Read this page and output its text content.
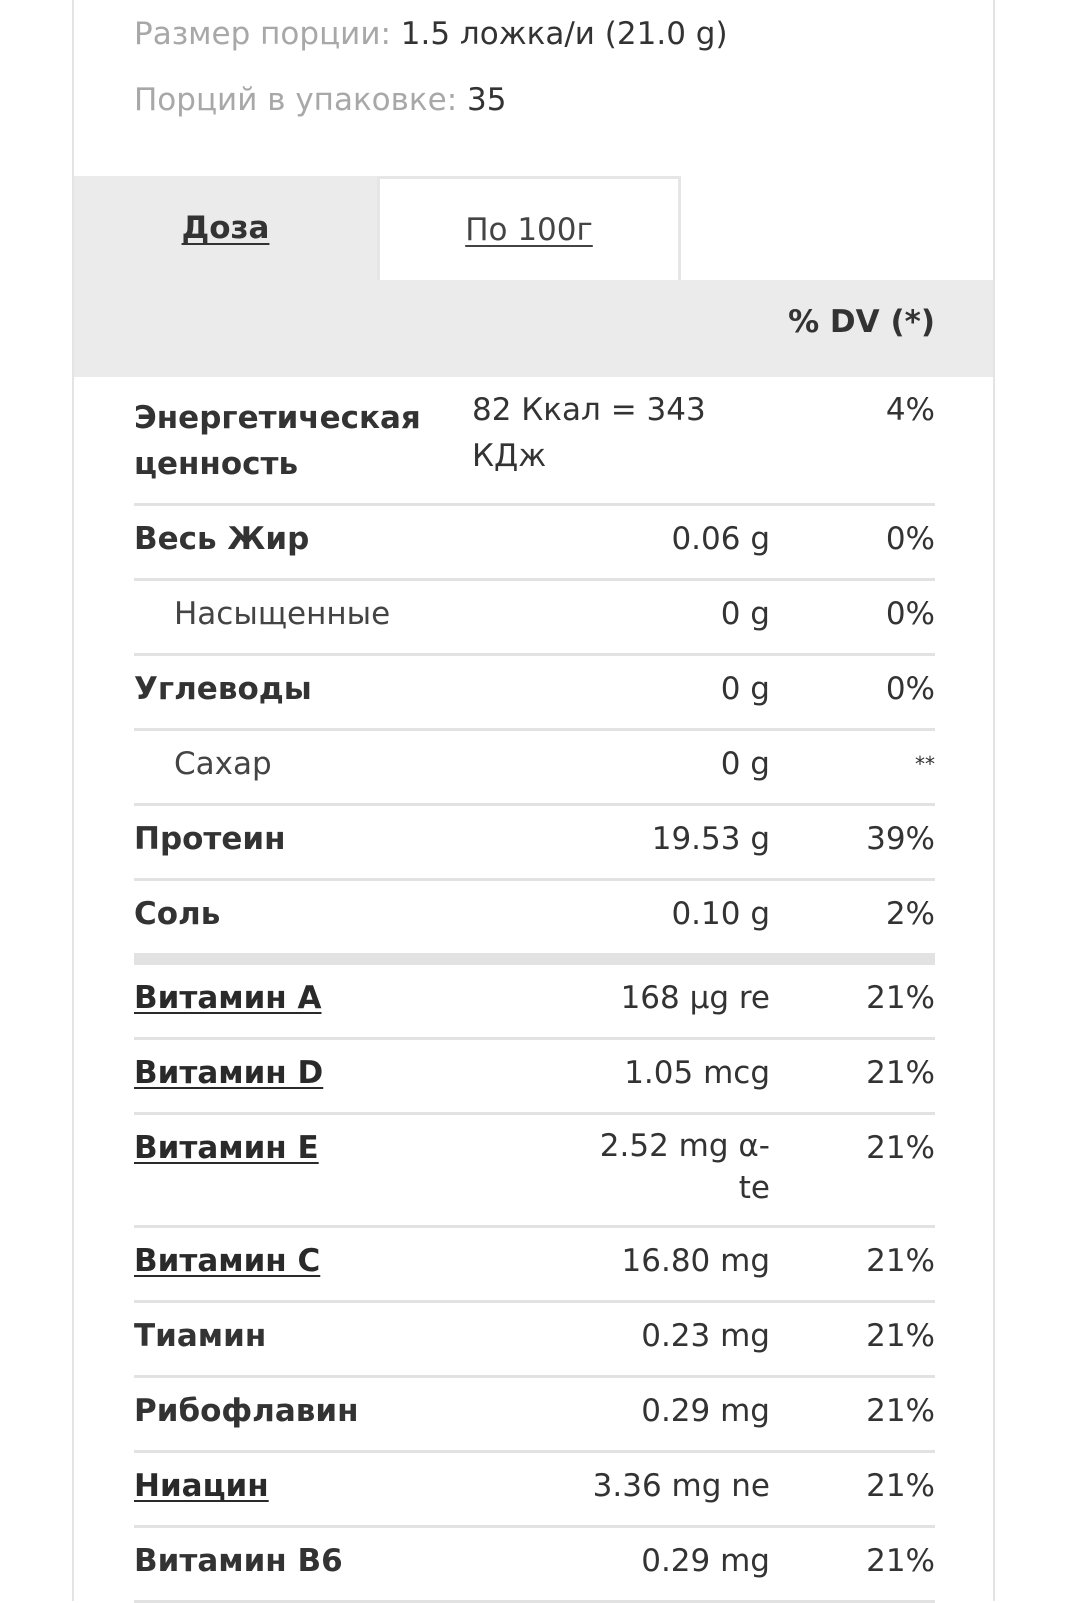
Размер порции: 1.5 ложка/и (21.0 g)
Порций в упаковке: 35
Доза	По 100г
% DV (*)
Энергетическая ценность	82 Ккал = 343 КДж	4%
Весь Жир	0.06 g	0%
Насыщенные	0 g	0%
Углеводы	0 g	0%
Сахар	0 g	**
Протеин	19.53 g	39%
Соль	0.10 g	2%
Витамин A	168 µg re	21%
Витамин D	1.05 mcg	21%
Витамин E	2.52 mg α-te	21%
Витамин C	16.80 mg	21%
Тиамин	0.23 mg	21%
Рибофлавин	0.29 mg	21%
Ниацин	3.36 mg ne	21%
Витамин B6	0.29 mg	21%
